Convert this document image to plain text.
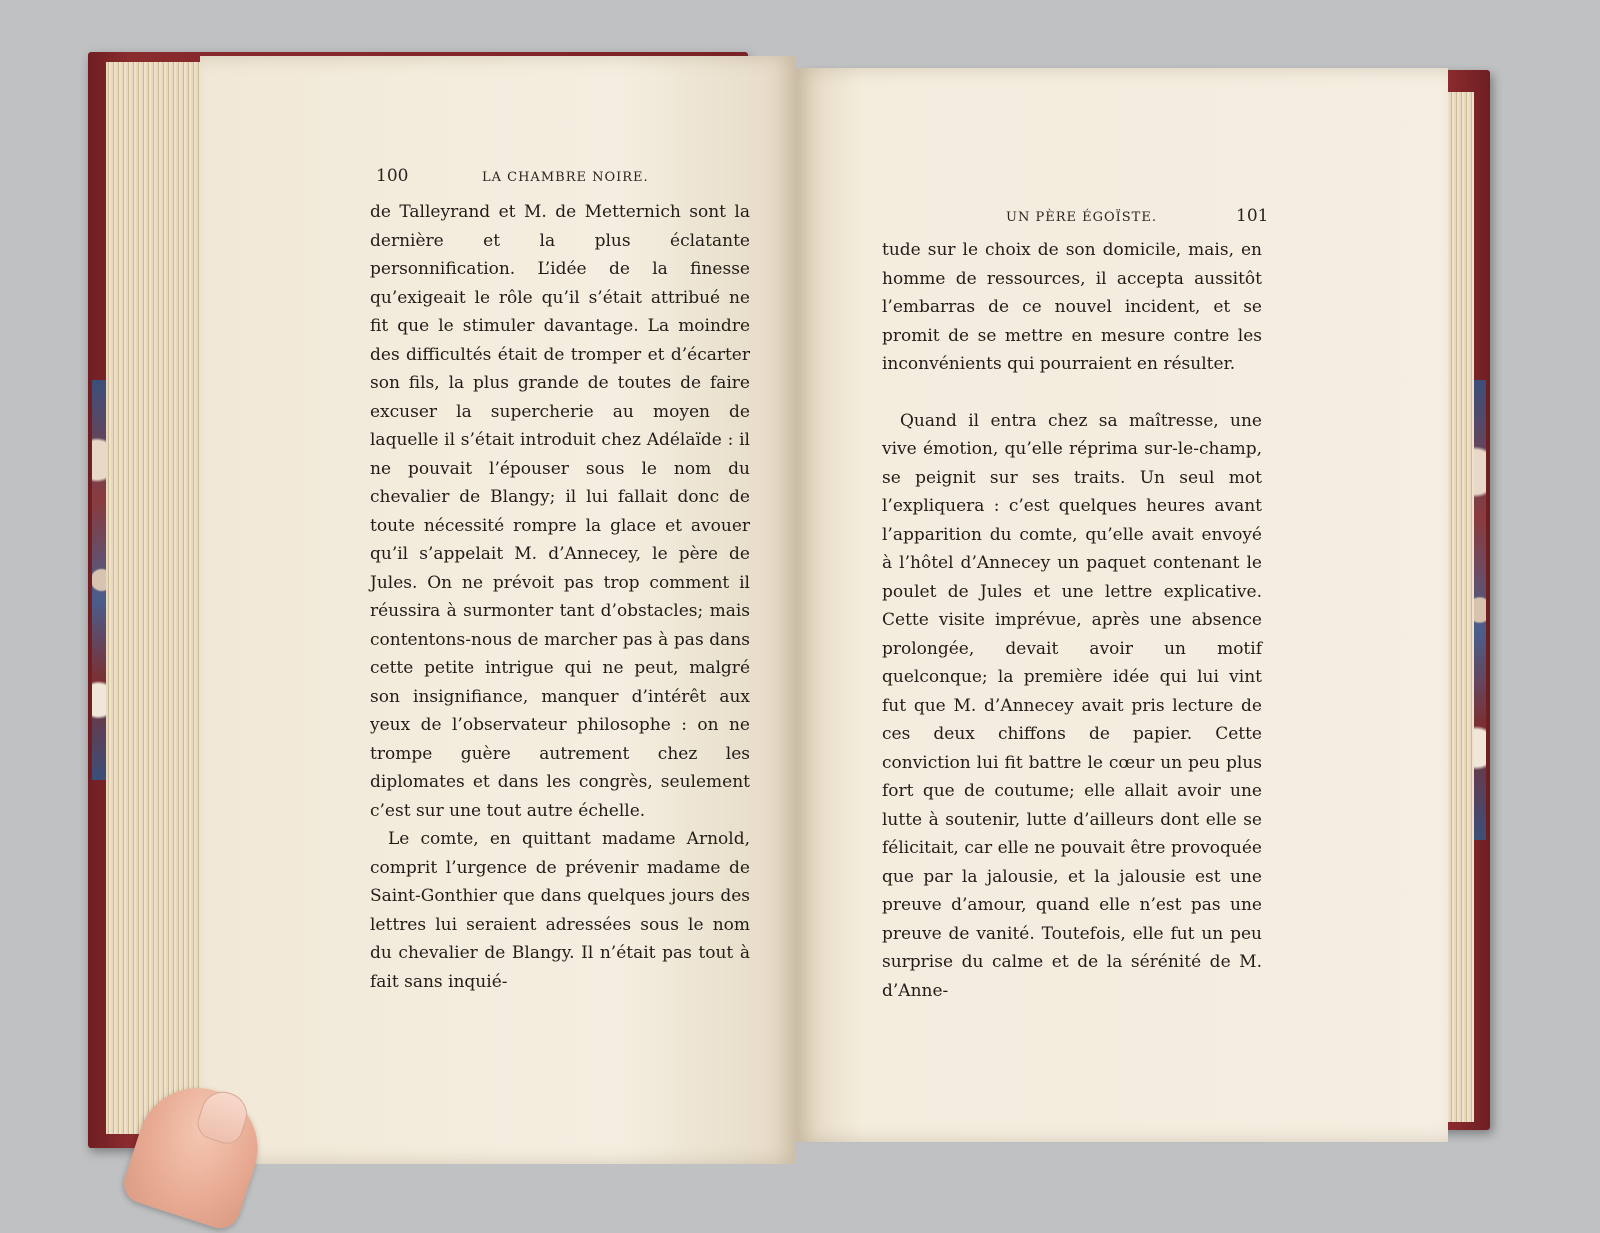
100	LA CHAMBRE NOIRE.

de Talleyrand et M. de Metternich sont la dernière et la plus éclatante personnification. L’idée de la finesse qu’exigeait le rôle qu’il s’était attribué ne fit que le stimuler davantage. La moindre des difficultés était de tromper et d’écarter son fils, la plus grande de toutes de faire excuser la supercherie au moyen de laquelle il s’était introduit chez Adélaïde : il ne pouvait l’épouser sous le nom du chevalier de Blangy; il lui fallait donc de toute nécessité rompre la glace et avouer qu’il s’appelait M. d’Annecey, le père de Jules. On ne prévoit pas trop comment il réussira à surmonter tant d’obstacles; mais contentons-nous de marcher pas à pas dans cette petite intrigue qui ne peut, malgré son insignifiance, manquer d’intérêt aux yeux de l’observateur philosophe : on ne trompe guère autrement chez les diplomates et dans les congrès, seulement c’est sur une tout autre échelle.

Le comte, en quittant madame Arnold, comprit l’urgence de prévenir madame de Saint-Gonthier que dans quelques jours des lettres lui seraient adressées sous le nom du chevalier de Blangy. Il n’était pas tout à fait sans inquié-

UN PÈRE ÉGOÏSTE.	101

tude sur le choix de son domicile, mais, en homme de ressources, il accepta aussitôt l’embarras de ce nouvel incident, et se promit de se mettre en mesure contre les inconvénients qui pourraient en résulter.

Quand il entra chez sa maîtresse, une vive émotion, qu’elle réprima sur-le-champ, se peignit sur ses traits. Un seul mot l’expliquera : c’est quelques heures avant l’apparition du comte, qu’elle avait envoyé à l’hôtel d’Annecey un paquet contenant le poulet de Jules et une lettre explicative. Cette visite imprévue, après une absence prolongée, devait avoir un motif quelconque; la première idée qui lui vint fut que M. d’Annecey avait pris lecture de ces deux chiffons de papier. Cette conviction lui fit battre le cœur un peu plus fort que de coutume; elle allait avoir une lutte à soutenir, lutte d’ailleurs dont elle se félicitait, car elle ne pouvait être provoquée que par la jalousie, et la jalousie est une preuve d’amour, quand elle n’est pas une preuve de vanité. Toutefois, elle fut un peu surprise du calme et de la sérénité de M. d’Anne-
